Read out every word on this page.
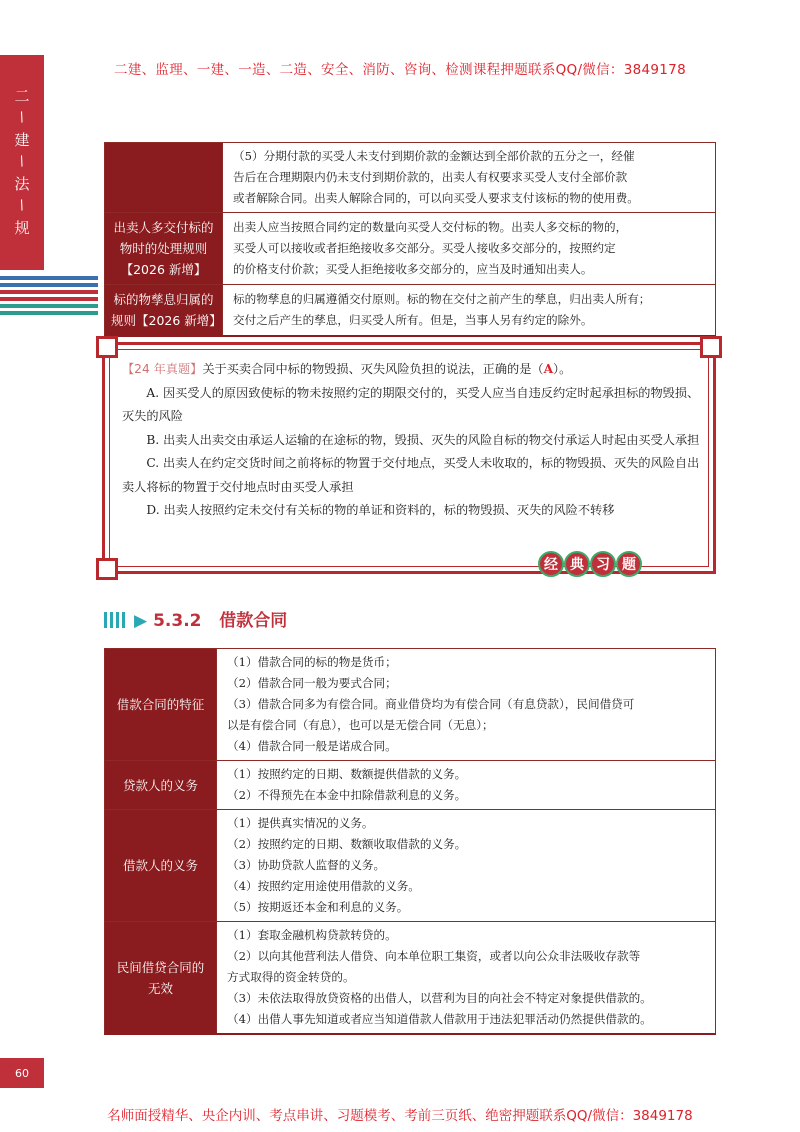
二建、监理、一建、一造、二造、安全、消防、咨询、检测课程押题联系QQ/微信：3849178
二
/
建
/
法
/
规

	（5）分期付款的买受人未支付到期价款的金额达到全部价款的五分之一，经催
告后在合理期限内仍未支付到期价款的，出卖人有权要求买受人支付全部价款
或者解除合同。出卖人解除合同的，可以向买受人要求支付该标的物的使用费。

出卖人多交付标的物时的处理规则【2026 新增】	出卖人应当按照合同约定的数量向买受人交付标的物。出卖人多交标的物的，
买受人可以接收或者拒绝接收多交部分。买受人接收多交部分的，按照约定
的价格支付价款；买受人拒绝接收多交部分的，应当及时通知出卖人。

标的物孳息归属的规则【2026 新增】	标的物孳息的归属遵循交付原则。标的物在交付之前产生的孳息，归出卖人所有；
交付之后产生的孳息，归买受人所有。但是，当事人另有约定的除外。

【24 年真题】关于买卖合同中标的物毁损、灭失风险负担的说法，正确的是（A）。

A. 因买受人的原因致使标的物未按照约定的期限交付的，买受人应当自违反约定时起承担标的物毁损、灭失的风险

B. 出卖人出卖交由承运人运输的在途标的物，毁损、灭失的风险自标的物交付承运人时起由买受人承担

C. 出卖人在约定交货时间之前将标的物置于交付地点，买受人未收取的，标的物毁损、灭失的风险自出卖人将标的物置于交付地点时由买受人承担

D. 出卖人按照约定未交付有关标的物的单证和资料的，标的物毁损、灭失的风险不转移

经 典 习 题
▶ 5.3.2 借款合同
借款合同的特征	（1）借款合同的标的物是货币；
（2）借款合同一般为要式合同；
（3）借款合同多为有偿合同。商业借贷均为有偿合同（有息贷款），民间借贷可
以是有偿合同（有息），也可以是无偿合同（无息）；
（4）借款合同一般是诺成合同。

贷款人的义务	（1）按照约定的日期、数额提供借款的义务。
（2）不得预先在本金中扣除借款利息的义务。

借款人的义务	（1）提供真实情况的义务。
（2）按照约定的日期、数额收取借款的义务。
（3）协助贷款人监督的义务。
（4）按照约定用途使用借款的义务。
（5）按期返还本金和利息的义务。

民间借贷合同的无效	（1）套取金融机构贷款转贷的。
（2）以向其他营利法人借贷、向本单位职工集资，或者以向公众非法吸收存款等
方式取得的资金转贷的。
（3）未依法取得放贷资格的出借人，以营利为目的向社会不特定对象提供借款的。
（4）出借人事先知道或者应当知道借款人借款用于违法犯罪活动仍然提供借款的。
60
名师面授精华、央企内训、考点串讲、习题模考、考前三页纸、绝密押题联系QQ/微信：3849178
